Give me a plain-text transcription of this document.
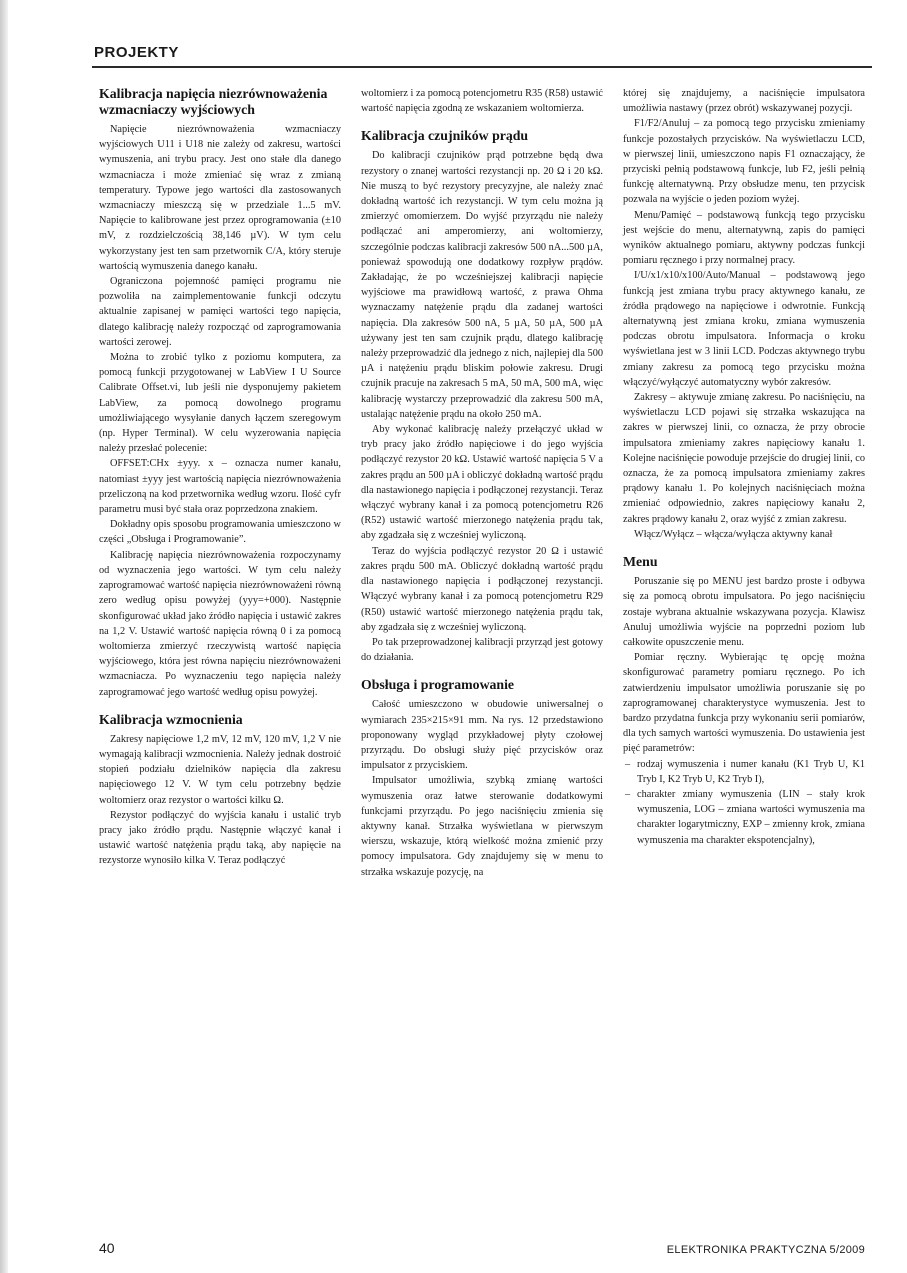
PROJEKTY
Kalibracja napięcia niezrównoważenia wzmacniaczy wyjściowych

Napięcie niezrównoważenia wzmacniaczy wyjściowych U11 i U18 nie zależy od zakresu, wartości wymuszenia, ani trybu pracy. Jest ono stałe dla danego wzmacniacza i może zmieniać się wraz z zmianą temperatury. Typowe jego wartości dla zastosowanych wzmacniaczy mieszczą się w przedziale 1...5 mV. Napięcie to kalibrowane jest przez oprogramowania (±10 mV, z rozdzielczością 38,146 µV). W tym celu wykorzystany jest ten sam przetwornik C/A, który steruje wartością wymuszenia danego kanału.

Ograniczona pojemność pamięci programu nie pozwoliła na zaimplementowanie funkcji odczytu aktualnie zapisanej w pamięci wartości tego napięcia, dlatego kalibrację należy rozpocząć od zaprogramowania wartości zerowej.

Można to zrobić tylko z poziomu komputera, za pomocą funkcji przygotowanej w LabView I U Source Calibrate Offset.vi, lub jeśli nie dysponujemy pakietem LabView, za pomocą dowolnego programu umożliwiającego wysyłanie danych łączem szeregowym (np. Hyper Terminal). W celu wyzerowania napięcia należy przesłać polecenie:

OFFSET:CHx ±yyy. x – oznacza numer kanału, natomiast ±yyy jest wartością napięcia niezrównoważenia przeliczoną na kod przetwornika według wzoru. Ilość cyfr parametru musi być stała oraz poprzedzona znakiem.

Dokładny opis sposobu programowania umieszczono w części „Obsługa i Programowanie”.

Kalibrację napięcia niezrównoważenia rozpoczynamy od wyznaczenia jego wartości. W tym celu należy zaprogramować wartość napięcia niezrównoważeni równą zero według opisu powyżej (yyy=+000). Następnie skonfigurować układ jako źródło napięcia i ustawić zakres na 1,2 V. Ustawić wartość napięcia równą 0 i za pomocą woltomierza zmierzyć rzeczywistą wartość napięcia wyjściowego, która jest równa napięciu niezrównoważeni wzmacniacza. Po wyznaczeniu tego napięcia należy zaprogramować jego wartość według opisu powyżej.

Kalibracja wzmocnienia

Zakresy napięciowe 1,2 mV, 12 mV, 120 mV, 1,2 V nie wymagają kalibracji wzmocnienia. Należy jednak dostroić stopień podziału dzielników napięcia dla zakresu napięciowego 12 V. W tym celu potrzebny będzie woltomierz oraz rezystor o wartości kilku Ω.

Rezystor podłączyć do wyjścia kanału i ustalić tryb pracy jako źródło prądu. Następnie włączyć kanał i ustawić wartość natężenia prądu taką, aby napięcie na rezystorze wynosiło kilka V. Teraz podłączyć

woltomierz i za pomocą potencjometru R35 (R58) ustawić wartość napięcia zgodną ze wskazaniem woltomierza.

Kalibracja czujników prądu

Do kalibracji czujników prąd potrzebne będą dwa rezystory o znanej wartości rezystancji np. 20 Ω i 20 kΩ. Nie muszą to być rezystory precyzyjne, ale należy znać dokładną wartość ich rezystancji. W tym celu można ją zmierzyć omomierzem. Do wyjść przyrządu nie należy podłączać ani amperomierzy, ani woltomierzy, szczególnie podczas kalibracji zakresów 500 nA...500 µA, ponieważ spowodują one dodatkowy rozpływ prądów. Zakładając, że po wcześniejszej kalibracji napięcie wyjściowe ma prawidłową wartość, z prawa Ohma wyznaczamy natężenie prądu dla zadanej wartości napięcia. Dla zakresów 500 nA, 5 µA, 50 µA, 500 µA używany jest ten sam czujnik prądu, dlatego kalibrację należy przeprowadzić dla jednego z nich, najlepiej dla 500 µA i natężeniu prądu bliskim połowie zakresu. Drugi czujnik pracuje na zakresach 5 mA, 50 mA, 500 mA, więc kalibrację wystarczy przeprowadzić dla zakresu 500 mA, ustalając natężenie prądu na około 250 mA.

Aby wykonać kalibrację należy przełączyć układ w tryb pracy jako źródło napięciowe i do jego wyjścia podłączyć rezystor 20 kΩ. Ustawić wartość napięcia 5 V a zakres prądu an 500 µA i obliczyć dokładną wartość prądu dla nastawionego napięcia i podłączonej rezystancji. Teraz włączyć wybrany kanał i za pomocą potencjometru R26 (R52) ustawić wartość mierzonego natężenia prądu tak, aby zgadzała się z wcześniej wyliczoną.

Teraz do wyjścia podłączyć rezystor 20 Ω i ustawić zakres prądu 500 mA. Obliczyć dokładną wartość prądu dla nastawionego napięcia i podłączonej rezystancji. Włączyć wybrany kanał i za pomocą potencjometru R29 (R50) ustawić wartość mierzonego natężenia prądu tak, aby zgadzała się z wcześniej wyliczoną.

Po tak przeprowadzonej kalibracji przyrząd jest gotowy do działania.

Obsługa i programowanie

Całość umieszczono w obudowie uniwersalnej o wymiarach 235×215×91 mm. Na rys. 12 przedstawiono proponowany wygląd przykładowej płyty czołowej przyrządu. Do obsługi służy pięć przycisków oraz impulsator z przyciskiem.

Impulsator umożliwia, szybką zmianę wartości wymuszenia oraz łatwe sterowanie dodatkowymi funkcjami przyrządu. Po jego naciśnięciu zmienia się aktywny kanał. Strzałka wyświetlana w pierwszym wierszu, wskazuje, którą wielkość można zmienić przy pomocy impulsatora. Gdy znajdujemy się w menu to strzałka wskazuje pozycję, na

której się znajdujemy, a naciśnięcie impulsatora umożliwia nastawy (przez obrót) wskazywanej pozycji.

F1/F2/Anuluj – za pomocą tego przycisku zmieniamy funkcje pozostałych przycisków. Na wyświetlaczu LCD, w pierwszej linii, umieszczono napis F1 oznaczający, że przyciski pełnią podstawową funkcje, lub F2, jeśli pełnią funkcję alternatywną. Przy obsłudze menu, ten przycisk pozwala na wyjście o jeden poziom wyżej.

Menu/Pamięć – podstawową funkcją tego przycisku jest wejście do menu, alternatywną, zapis do pamięci wyników aktualnego pomiaru, aktywny podczas funkcji pomiaru ręcznego i przy normalnej pracy.

I/U/x1/x10/x100/Auto/Manual – podstawową jego funkcją jest zmiana trybu pracy aktywnego kanału, ze źródła prądowego na napięciowe i odwrotnie. Funkcją alternatywną jest zmiana kroku, zmiana wymuszenia podczas obrotu impulsatora. Informacja o kroku wyświetlana jest w 3 linii LCD. Podczas aktywnego trybu zmiany zakresu za pomocą tego przycisku można włączyć/wyłączyć automatyczny wybór zakresów.

Zakresy – aktywuje zmianę zakresu. Po naciśnięciu, na wyświetlaczu LCD pojawi się strzałka wskazująca na zakres w pierwszej linii, co oznacza, że przy obrocie impulsatora zmieniamy zakres napięciowy kanału 1. Kolejne naciśnięcie powoduje przejście do drugiej linii, co oznacza, że za pomocą impulsatora zmieniamy zakres prądowy kanału 1. Po kolejnych naciśnięciach można zmieniać odpowiednio, zakres napięciowy kanału 2, zakres prądowy kanału 2, oraz wyjść z zmian zakresu.

Włącz/Wyłącz – włącza/wyłącza aktywny kanał

Menu

Poruszanie się po MENU jest bardzo proste i odbywa się za pomocą obrotu impulsatora. Po jego naciśnięciu zostaje wybrana aktualnie wskazywana pozycja. Klawisz Anuluj umożliwia wyjście na poprzedni poziom lub całkowite opuszczenie menu.

Pomiar ręczny. Wybierając tę opcję można skonfigurować parametry pomiaru ręcznego. Po ich zatwierdzeniu impulsator umożliwia poruszanie się po zaprogramowanej charakterystyce wymuszenia. Jest to bardzo przydatna funkcja przy wykonaniu serii pomiarów, dla tych samych wartości wymuszenia. Do ustawienia jest pięć parametrów:

– rodzaj wymuszenia i numer kanału (K1 Tryb U, K1 Tryb I, K2 Tryb U, K2 Tryb I),
– charakter zmiany wymuszenia (LIN – stały krok wymuszenia, LOG – zmiana wartości wymuszenia ma charakter logarytmiczny, EXP – zmienny krok, zmiana wymuszenia ma charakter ekspotencjalny),
40	ELEKTRONIKA PRAKTYCZNA 5/2009
